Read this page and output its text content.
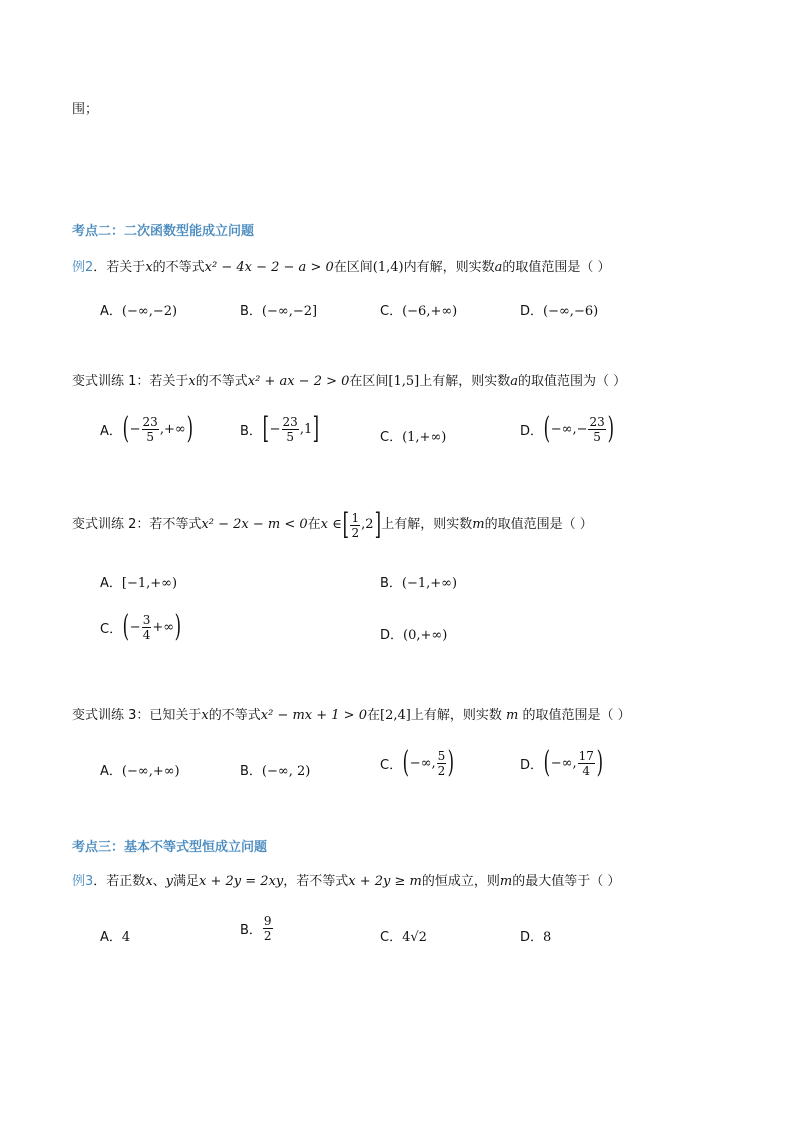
围；
考点二：二次函数型能成立问题
例2．若关于x的不等式x² − 4x − 2 − a > 0在区间(1,4)内有解，则实数a的取值范围是（ ）
A．(−∞,−2)	B．(−∞,−2]	C．(−6,+∞)	D．(−∞,−6)
变式训练 1：若关于x的不等式x² + ax − 2 > 0在区间[1,5]上有解，则实数a的取值范围为（ ）
A． ( − $\frac{23}{5}$ ,+∞ )	B． [ − $\frac{23}{5} ,1$ ]	C．(1,+∞)	D． ( −∞,− $\frac{23}{5}$ )
变式训练 2：若不等式 x² − 2x − m < 0 在 x ∈ [ $\frac{1}{2} ,2$ ] 上有解，则实数 m 的取值范围是（ ）
A．[−1,+∞)	B．(−1,+∞)
C． ( − $\frac{3}{4}$ +∞ )	D．(0,+∞)
变式训练 3：已知关于x的不等式x² − mx + 1 > 0在[2,4]上有解，则实数 m 的取值范围是（ ）
A．(−∞,+∞)	B．(−∞, 2)	C． ( −∞, $\frac{5}{2}$ )	D． ( −∞, $\frac{17}{4}$ )
考点三：基本不等式型恒成立问题
例3．若正数x、y满足x + 2y = 2xy，若不等式x + 2y ≥ m的恒成立，则m的最大值等于（ ）
A．4	B． $\frac{9}{2}$	C．4√2	D．8
